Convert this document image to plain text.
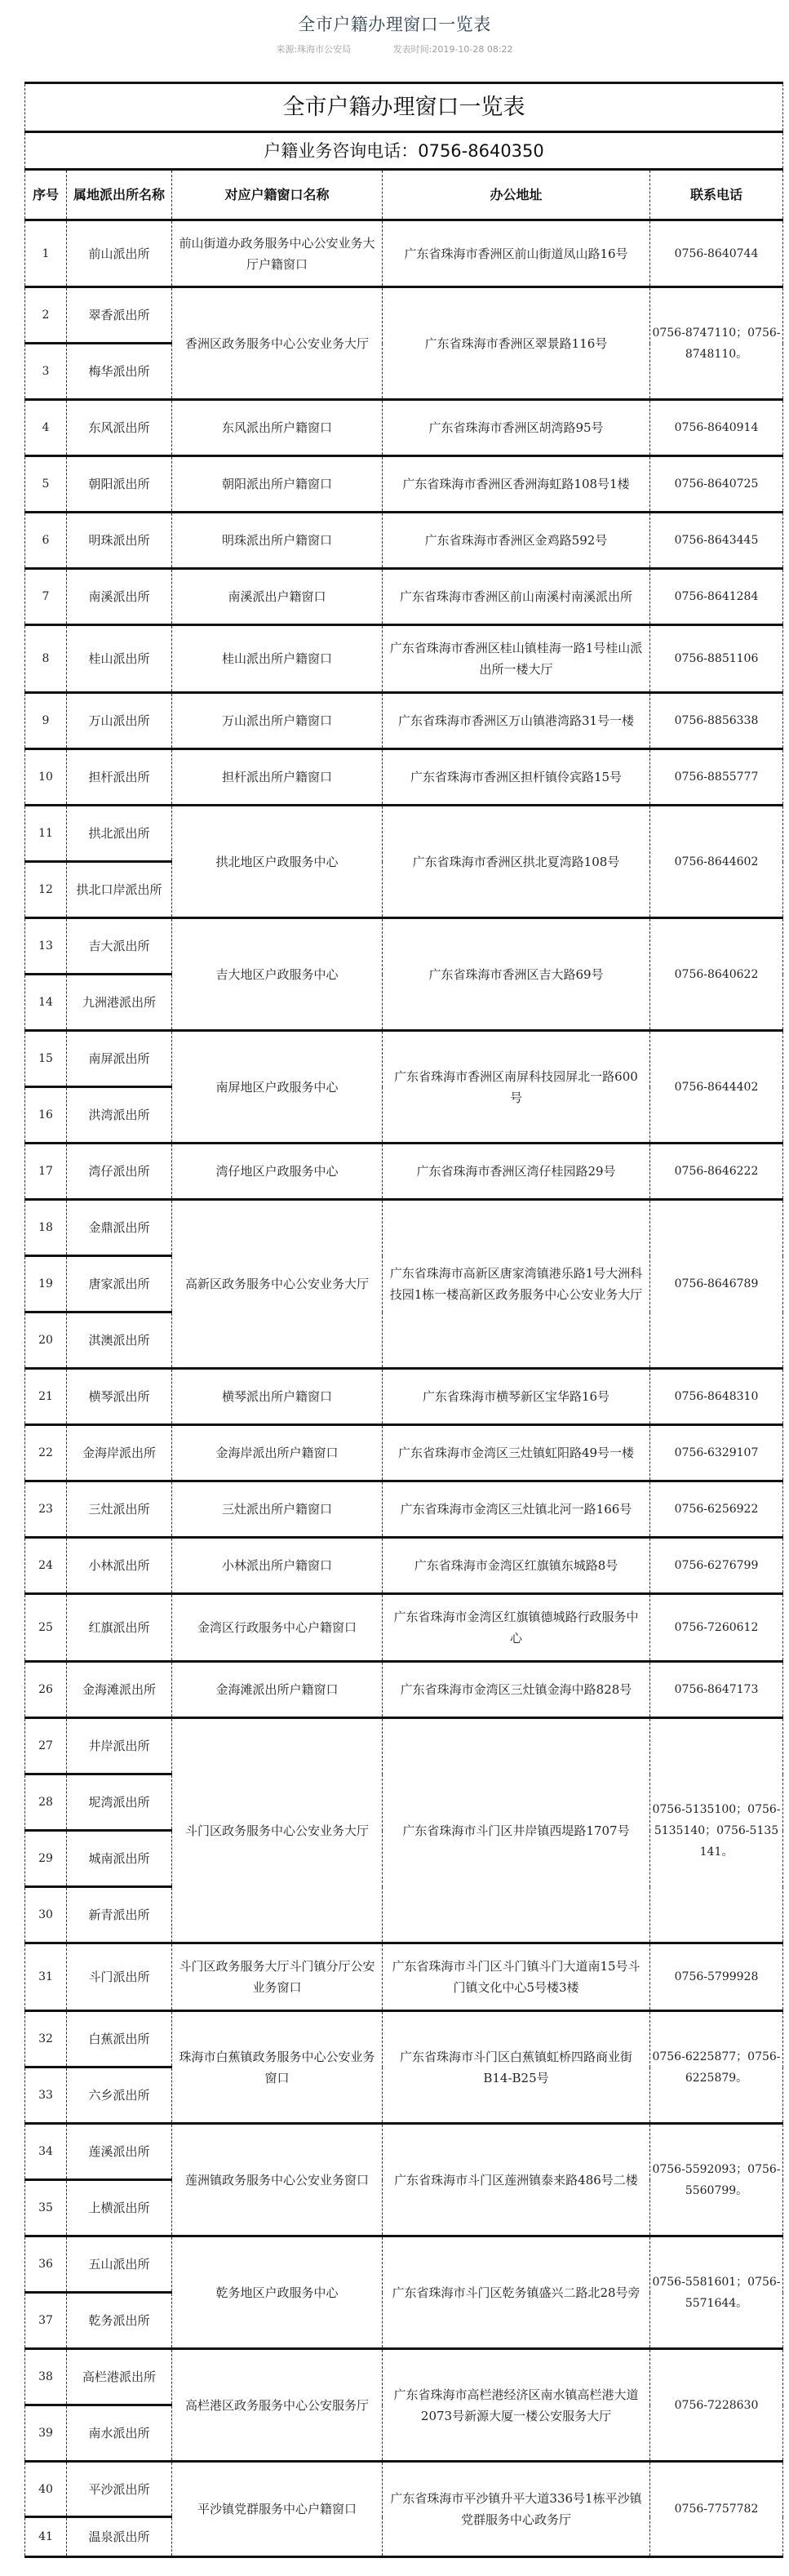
全市户籍办理窗口一览表
来源:珠海市公安局	发表时间:2019-10-28 08:22
全市户籍办理窗口一览表				
户籍业务咨询电话：0756-8640350				
序号	属地派出所名称	对应户籍窗口名称	办公地址	联系电话
1	前山派出所	前山街道办政务服务中心公安业务大厅户籍窗口	广东省珠海市香洲区前山街道凤山路16号	0756-8640744
2	翠香派出所	香洲区政务服务中心公安业务大厅	广东省珠海市香洲区翠景路116号	0756-8747110；0756-8748110。
3	梅华派出所			
4	东风派出所	东风派出所户籍窗口	广东省珠海市香洲区胡湾路95号	0756-8640914
5	朝阳派出所	朝阳派出所户籍窗口	广东省珠海市香洲区香洲海虹路108号1楼	0756-8640725
6	明珠派出所	明珠派出所户籍窗口	广东省珠海市香洲区金鸡路592号	0756-8643445
7	南溪派出所	南溪派出户籍窗口	广东省珠海市香洲区前山南溪村南溪派出所	0756-8641284
8	桂山派出所	桂山派出所户籍窗口	广东省珠海市香洲区桂山镇桂海一路1号桂山派出所一楼大厅	0756-8851106
9	万山派出所	万山派出所户籍窗口	广东省珠海市香洲区万山镇港湾路31号一楼	0756-8856338
10	担杆派出所	担杆派出所户籍窗口	广东省珠海市香洲区担杆镇伶宾路15号	0756-8855777
11	拱北派出所	拱北地区户政服务中心	广东省珠海市香洲区拱北夏湾路108号	0756-8644602
12	拱北口岸派出所			
13	吉大派出所	吉大地区户政服务中心	广东省珠海市香洲区吉大路69号	0756-8640622
14	九洲港派出所			
15	南屏派出所	南屏地区户政服务中心	广东省珠海市香洲区南屏科技园屏北一路600号	0756-8644402
16	洪湾派出所			
17	湾仔派出所	湾仔地区户政服务中心	广东省珠海市香洲区湾仔桂园路29号	0756-8646222
18	金鼎派出所	高新区政务服务中心公安业务大厅	广东省珠海市高新区唐家湾镇港乐路1号大洲科技园1栋一楼高新区政务服务中心公安业务大厅	0756-8646789
19	唐家派出所			
20	淇澳派出所			
21	横琴派出所	横琴派出所户籍窗口	广东省珠海市横琴新区宝华路16号	0756-8648310
22	金海岸派出所	金海岸派出所户籍窗口	广东省珠海市金湾区三灶镇虹阳路49号一楼	0756-6329107
23	三灶派出所	三灶派出所户籍窗口	广东省珠海市金湾区三灶镇北河一路166号	0756-6256922
24	小林派出所	小林派出所户籍窗口	广东省珠海市金湾区红旗镇东城路8号	0756-6276799
25	红旗派出所	金湾区行政服务中心户籍窗口	广东省珠海市金湾区红旗镇德城路行政服务中心	0756-7260612
26	金海滩派出所	金海滩派出所户籍窗口	广东省珠海市金湾区三灶镇金海中路828号	0756-8647173
27	井岸派出所	斗门区政务服务中心公安业务大厅	广东省珠海市斗门区井岸镇西堤路1707号	0756-5135100；0756-5135140；0756-5135141。
28	坭湾派出所			
29	城南派出所			
30	新青派出所			
31	斗门派出所	斗门区政务服务大厅斗门镇分厅公安业务窗口	广东省珠海市斗门区斗门镇斗门大道南15号斗门镇文化中心5号楼3楼	0756-5799928
32	白蕉派出所	珠海市白蕉镇政务服务中心公安业务窗口	广东省珠海市斗门区白蕉镇虹桥四路商业街B14-B25号	0756-6225877；0756-6225879。
33	六乡派出所			
34	莲溪派出所	莲洲镇政务服务中心公安业务窗口	广东省珠海市斗门区莲洲镇泰来路486号二楼	0756-5592093；0756-5560799。
35	上横派出所			
36	五山派出所	乾务地区户政服务中心	广东省珠海市斗门区乾务镇盛兴二路北28号旁	0756-5581601；0756-5571644。
37	乾务派出所			
38	高栏港派出所	高栏港区政务服务中心公安服务厅	广东省珠海市高栏港经济区南水镇高栏港大道2073号新源大厦一楼公安服务大厅	0756-7228630
39	南水派出所			
40	平沙派出所	平沙镇党群服务中心户籍窗口	广东省珠海市平沙镇升平大道336号1栋平沙镇党群服务中心政务厅	0756-7757782
41	温泉派出所			
